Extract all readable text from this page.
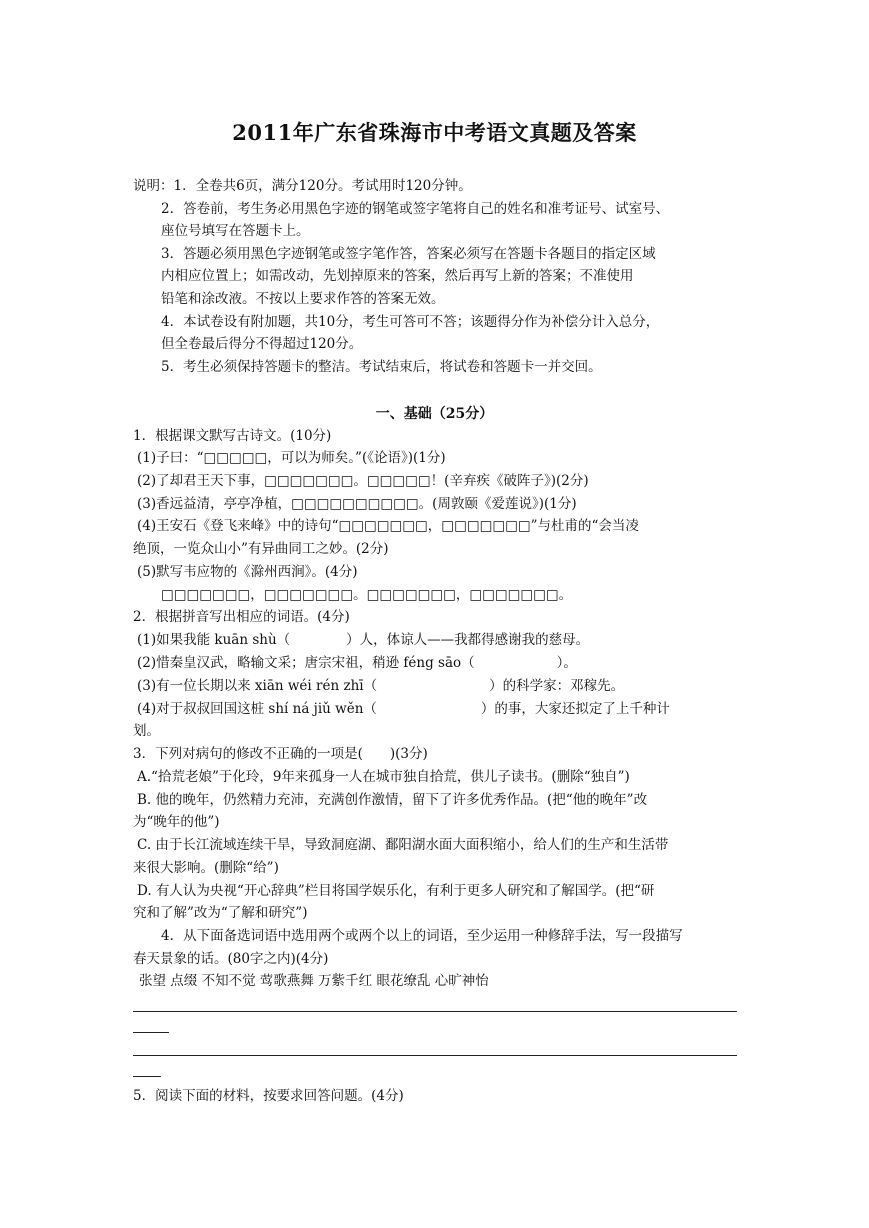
2011年广东省珠海市中考语文真题及答案
说明：1．全卷共6页，满分120分。考试用时120分钟。
2．答卷前，考生务必用黑色字迹的钢笔或签字笔将自己的姓名和准考证号、试室号、
座位号填写在答题卡上。
3．答题必须用黑色字迹钢笔或签字笔作答，答案必须写在答题卡各题目的指定区域
内相应位置上；如需改动，先划掉原来的答案，然后再写上新的答案；不准使用
铅笔和涂改液。不按以上要求作答的答案无效。
4．本试卷设有附加题，共10分，考生可答可不答；该题得分作为补偿分计入总分，
但全卷最后得分不得超过120分。
5．考生必须保持答题卡的整洁。考试结束后，将试卷和答题卡一并交回。
一、基础（25分）
1．根据课文默写古诗文。(10分)
(1)子曰：“□□□□□，可以为师矣。”(《论语》)(1分)
(2)了却君王天下事，□□□□□□□。□□□□□！(辛弃疾《破阵子》)(2分)
(3)香远益清，亭亭净植，□□□□□□□□□□。(周敦颐《爱莲说》)(1分)
(4)王安石《登飞来峰》中的诗句“□□□□□□□，□□□□□□□”与杜甫的“会当凌
绝顶，一览众山小”有异曲同工之妙。(2分)
(5)默写韦应物的《滁州西涧》。(4分)
□□□□□□□，□□□□□□□。□□□□□□□，□□□□□□□。
2．根据拼音写出相应的词语。(4分)
(1)如果我能 kuān shù（	）人，体谅人——我都得感谢我的慈母。
(2)惜秦皇汉武，略输文采；唐宗宋祖，稍逊 féng sāo（	）。
(3)有一位长期以来 xiān wéi rén zhī（	）的科学家：邓稼先。
(4)对于叔叔回国这桩 shí ná jiǔ wěn（	）的事，大家还拟定了上千种计
划。
3．下列对病句的修改不正确的一项是(　　)(3分)
A.“拾荒老娘”于化玲，9年来孤身一人在城市独自拾荒，供儿子读书。(删除“独自”)
B. 他的晚年，仍然精力充沛，充满创作激情，留下了许多优秀作品。(把“他的晚年”改
为“晚年的他”)
C. 由于长江流域连续干旱，导致洞庭湖、鄱阳湖水面大面积缩小，给人们的生产和生活带
来很大影响。(删除“给”)
D. 有人认为央视“开心辞典”栏目将国学娱乐化，有利于更多人研究和了解国学。(把“研
究和了解”改为“了解和研究”)
4．从下面备选词语中选用两个或两个以上的词语，至少运用一种修辞手法，写一段描写
春天景象的话。(80字之内)(4分)
张望 点缀 不知不觉 莺歌燕舞 万紫千红 眼花缭乱 心旷神怡
5．阅读下面的材料，按要求回答问题。(4分)
